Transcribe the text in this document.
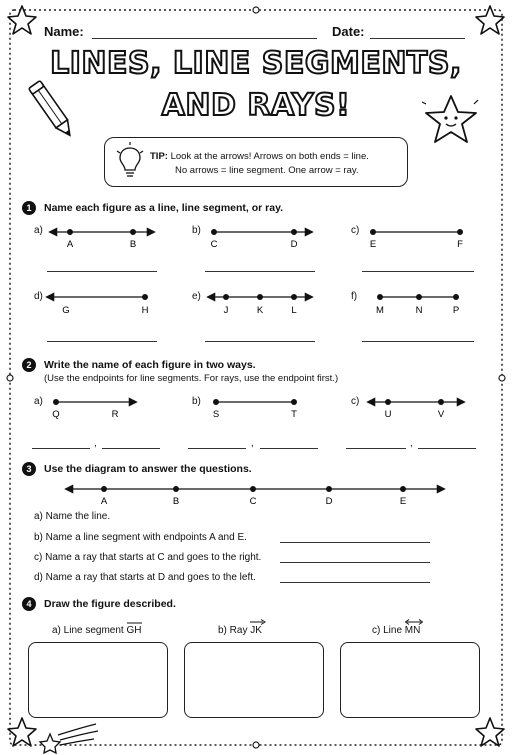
Name:	Date:
LINES, LINE SEGMENTS,
AND RAYS!
TIP: Look at the arrows! Arrows on both ends = line.
No arrows = line segment. One arrow = ray.
1	Name each figure as a line, line segment, or ray.
a)	b)	c)
d)	e)	f)
A	B	C	D	E	F
G	H	J	K	L	M	N	P
2	Write the name of each figure in two ways.
(Use the endpoints for line segments. For rays, use the endpoint first.)
a)	b)	c)
Q	R	S	T	U	V
,	,	,
3	Use the diagram to answer the questions.
A	B	C	D	E
a) Name the line.
b) Name a line segment with endpoints A and E.
c) Name a ray that starts at C and goes to the right.
d) Name a ray that starts at D and goes to the left.
4	Draw the figure described.
a) Line segment GH	b) Ray JK	c) Line MN
